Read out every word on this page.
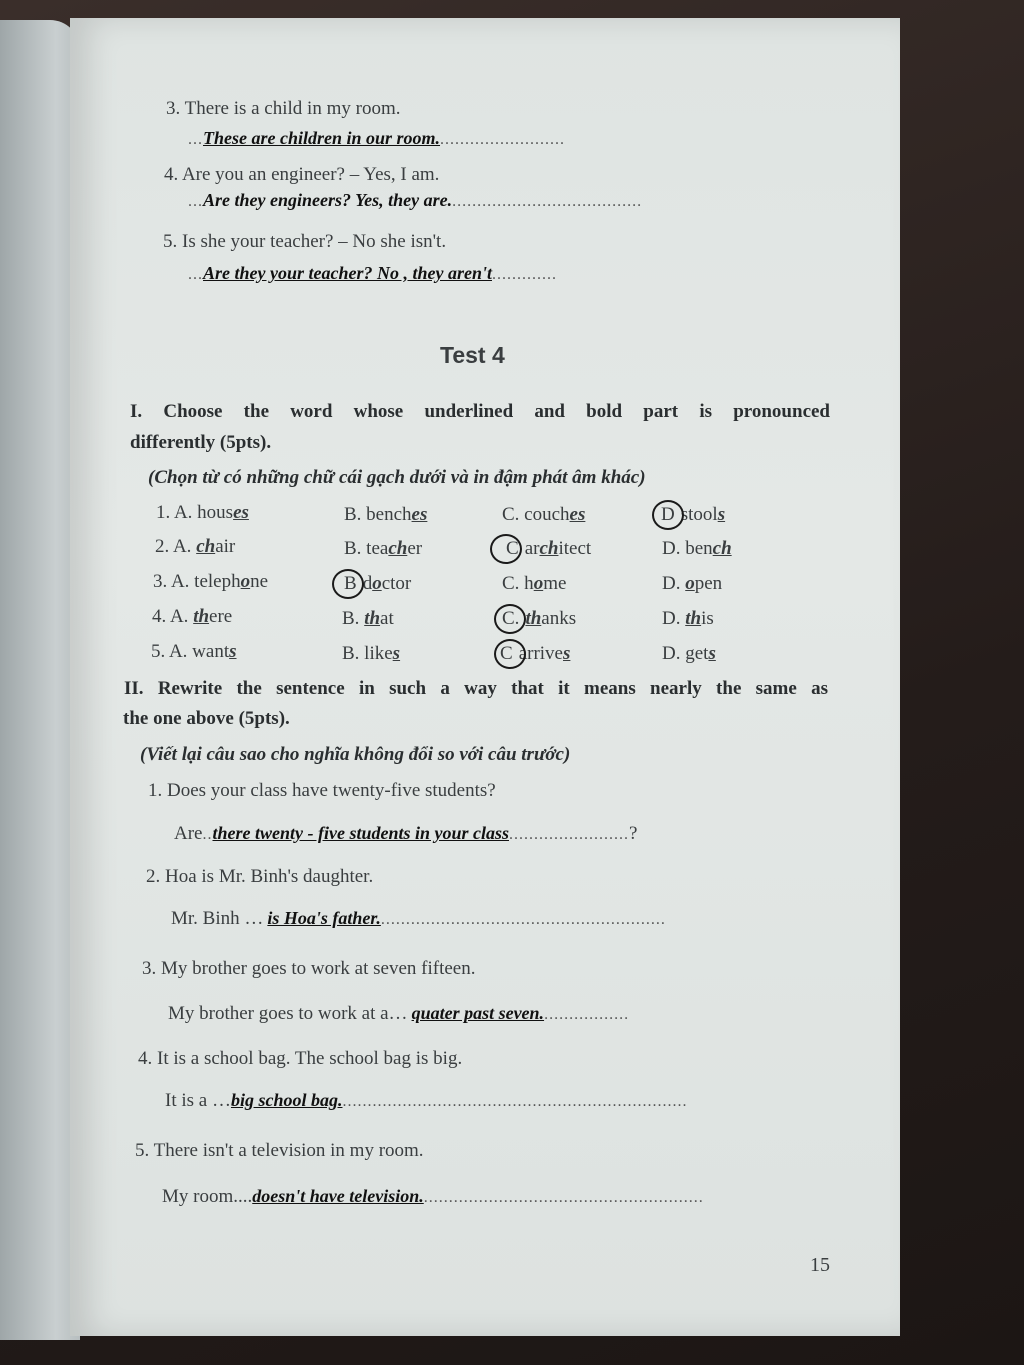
3. There is a child in my room.
...These are children in our room..........................
4. Are you an engineer? – Yes, I am.
...Are they engineers? Yes, they are.......................................
5. Is she your teacher? – No she isn't.
...Are they your teacher? No , they aren't.............
Test 4
I. Choose the word whose underlined and bold part is pronounced
differently (5pts).
(Chọn từ có những chữ cái gạch dưới và in đậm phát âm khác)
1. A. houses	B. benches	C. couches	D stools
2. A. chair	B. teacher	C architect	D. bench
3. A. telephone	B doctor	C. home	D. open
4. A. there	B. that	C. thanks	D. this
5. A. wants	B. likes	C arrives	D. gets
II. Rewrite the sentence in such a way that it means nearly the same as
the one above (5pts).
(Viết lại câu sao cho nghĩa không đổi so với câu trước)
1. Does your class have twenty-five students?
Are..there twenty - five students in your class........................?
2. Hoa is Mr. Binh's daughter.
Mr. Binh … is Hoa's father..........................................................
3. My brother goes to work at seven fifteen.
My brother goes to work at a… quater past seven..................
4. It is a school bag. The school bag is big.
It is a …big school bag......................................................................
5. There isn't a television in my room.
My room....doesn't have television.........................................................
15
